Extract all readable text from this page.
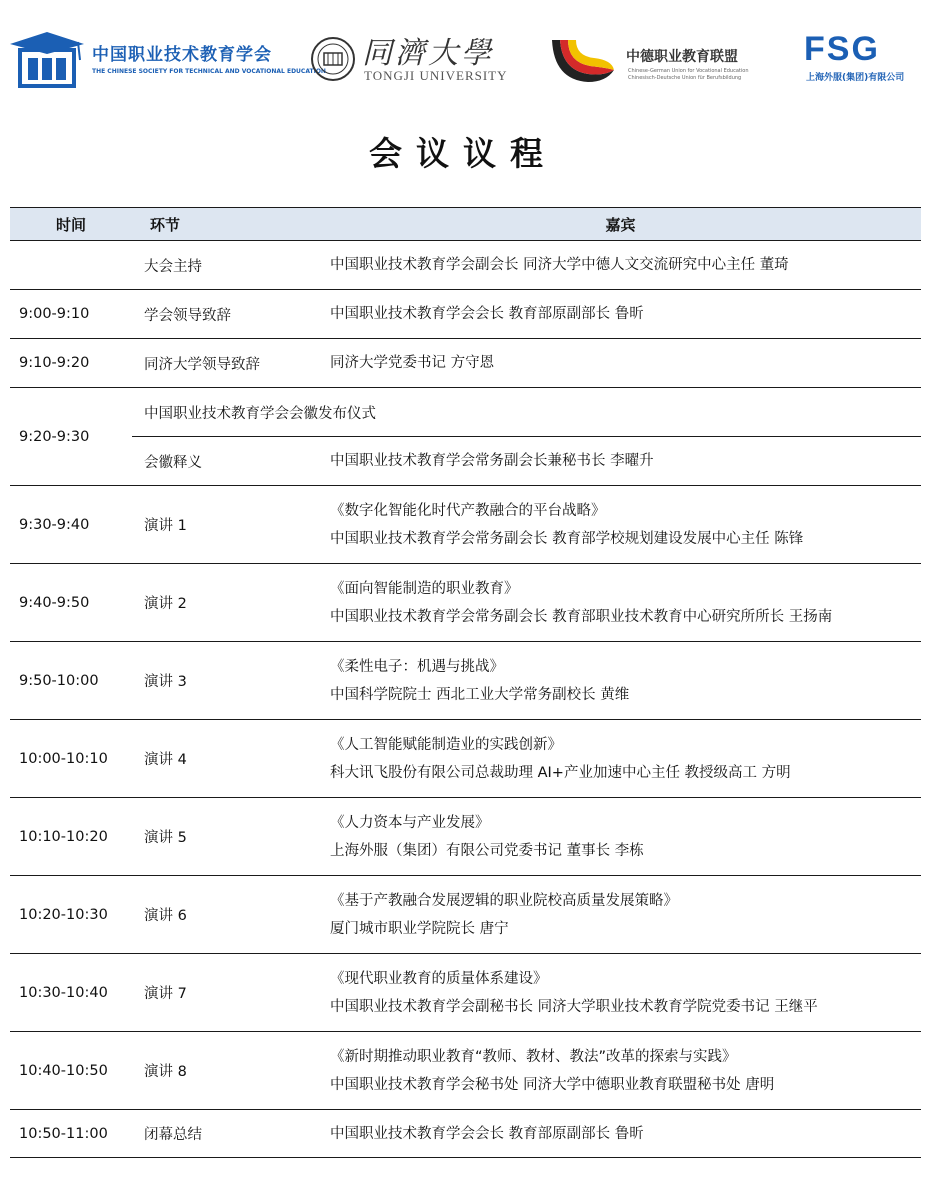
中国职业技术教育学会
THE CHINESE SOCIETY FOR TECHNICAL AND VOCATIONAL EDUCATION
同濟大學
TONGJI UNIVERSITY
中德职业教育联盟
Chinese-German Union for Vocational Education
Chinesisch-Deutsche Union für Berufsbildung
FSG
上海外服(集团)有限公司
会议议程
时间	环节	嘉宾
	大会主持	中国职业技术教育学会副会长 同济大学中德人文交流研究中心主任 董琦
9:00-9:10	学会领导致辞	中国职业技术教育学会会长 教育部原副部长 鲁昕
9:10-9:20	同济大学领导致辞	同济大学党委书记 方守恩
9:20-9:30	中国职业技术教育学会会徽发布仪式	
	会徽释义	中国职业技术教育学会常务副会长兼秘书长 李曜升
9:30-9:40	演讲 1	《数字化智能化时代产教融合的平台战略》
中国职业技术教育学会常务副会长 教育部学校规划建设发展中心主任 陈锋

9:40-9:50	演讲 2	《面向智能制造的职业教育》
中国职业技术教育学会常务副会长 教育部职业技术教育中心研究所所长 王扬南

9:50-10:00	演讲 3	《柔性电子：机遇与挑战》
中国科学院院士 西北工业大学常务副校长 黄维

10:00-10:10	演讲 4	《人工智能赋能制造业的实践创新》
科大讯飞股份有限公司总裁助理 AI+产业加速中心主任 教授级高工 方明

10:10-10:20	演讲 5	《人力资本与产业发展》
上海外服（集团）有限公司党委书记 董事长 李栋

10:20-10:30	演讲 6	《基于产教融合发展逻辑的职业院校高质量发展策略》
厦门城市职业学院院长 唐宁

10:30-10:40	演讲 7	《现代职业教育的质量体系建设》
中国职业技术教育学会副秘书长 同济大学职业技术教育学院党委书记 王继平

10:40-10:50	演讲 8	《新时期推动职业教育“教师、教材、教法”改革的探索与实践》
中国职业技术教育学会秘书处 同济大学中德职业教育联盟秘书处 唐明

10:50-11:00	闭幕总结	中国职业技术教育学会会长 教育部原副部长 鲁昕
